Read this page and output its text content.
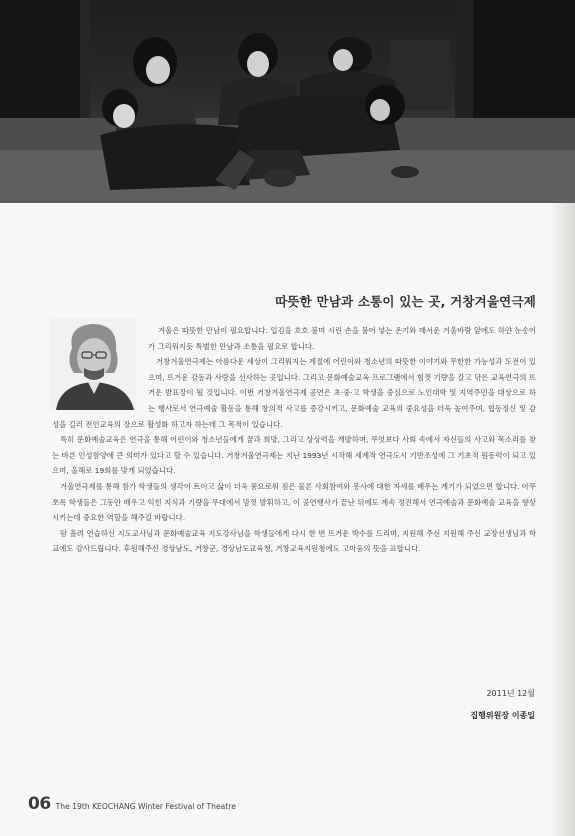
따뜻한 만남과 소통이 있는 곳, 거창겨울연극제

겨울은 따뜻한 만남이 필요합니다. 입김을 호호 불며 시린 손을 불어 넣는 온기와 매서운 겨울바람 앞에도 하얀 눈송이가 그리워지듯 특별한 만남과 소통을 필요로 합니다.

거창겨울연극제는 아름다운 세상이 그리워지는 계절에 어린이와 청소년의 따뜻한 이야기와 무한한 가능성과 도전이 있으며, 뜨거운 감동과 사랑을 선사하는 곳입니다. 그리고 문화예술교육 프로그램에서 힘껏 기량을 갈고 닦은 교육연극의 뜨거운 발표장이 될 것입니다. 이번 거창겨울연극제 공연은 초·중·고 학생을 중심으로 노인대학 및 지역주민을 대상으로 하는 행사로서 연극예술 활동을 통해 창의적 사고를 증강시키고, 문화예술 교육의 중요성을 더욱 높여주며, 협동정신 및 감성을 길러 전인교육의 장으로 활성화 하고자 하는데 그 목적이 있습니다.

특히 문화예술교육은 연극을 통해 어린이와 청소년들에게 꿈과 희망, 그리고 상상력을 개발하며, 무엇보다 사회 속에서 자신들의 사고와 목소리를 찾는 바른 인성함양에 큰 의미가 있다고 할 수 있습니다. 거창겨울연극제는 지난 1993년 시작해 세계적 연극도시 기반조성에 그 기초적 원동력이 되고 있으며, 올해로 19회를 맞게 되었습니다.

겨울연극제를 통해 참가 학생들의 생각이 트이고 삶이 더욱 풍요로워 짐은 물론 사회참여와 봉사에 대한 자세를 배우는 계기가 되었으면 합니다. 아무쪼록 학생들은 그동안 배우고 익힌 지식과 기량을 무대에서 맘껏 발휘하고, 이 공연행사가 끝난 뒤에도 계속 정진해서 연극예술과 문화예술 교육을 향상시키는데 중요한 역할을 해주길 바랍니다.

땀 흘려 연습하신 지도교사님과 문화예술교육 지도강사님을 학생들에게 다시 한 번 뜨거운 박수를 드리며, 지원해 주신 지원해 주신 교장선생님과 학교에도 감사드립니다. 후원해주신 경상남도, 거창군, 경상남도교육청, 거창교육지원청에도 고마움의 뜻을 표합니다.

2011년 12월
집행위원장 이종일
06 The 19th KEOCHANG Winter Festival of Theatre
